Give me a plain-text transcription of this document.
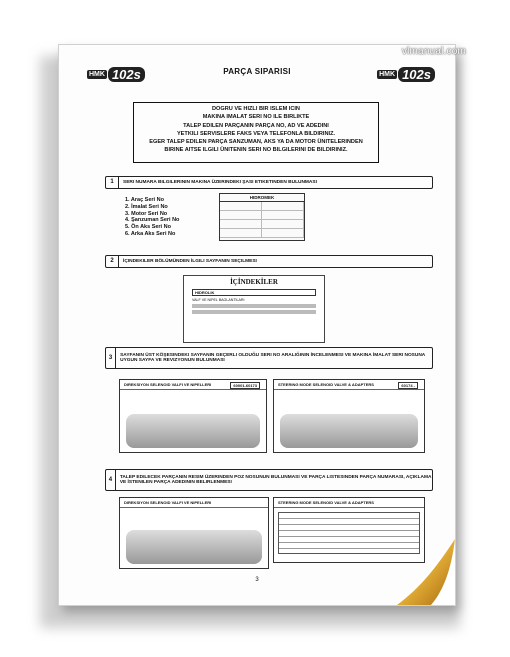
HMK 102s	PARÇA SIPARISI	HMK 102s
DOGRU VE HIZLI BIR ISLEM ICIN
MAKINA IMALAT SERI NO ILE BIRLIKTE
TALEP EDILEN PARÇANIN PARÇA NO, AD VE ADEDINI
YETKILI SERVISLERE FAKS VEYA TELEFONLA BILDIRINIZ.
EGER TALEP EDILEN PARÇA SANZUMAN, AKS YA DA MOTOR ÜNITELERINDEN
BIRINE AITSE ILGILI ÜNITENIN SERI NO BILGILERINI DE BILDIRINIZ.
1	SERI NUMARA BILGILERININ MAKINA ÜZERINDEKI ŞASI ETIKETINDEN BULUNMASI
1. Araç Seri No
2. İmalat Seri No
3. Motor Seri No
4. Şanzuman Seri No
5. Ön Aks Seri No
6. Arka Aks Seri No
HIDROMEK
2	İÇINDEKILER BÖLÜMÜNDEN İLGILI SAYFANIN SEÇILMESI
İÇİNDEKİLER
HIDROLIK
VALF VE NIPEL BAGLANTILARI
3	SAYFANIN ÜST KÖŞESINDEKI SAYFANIN GEÇERLI OLDUĞU SERI NO ARALIĞININ İNCELENMESI VE MAKINA İMALAT SERI NOSUNA UYGUN SAYFA VE REVIZYONUN BULUNMASI
DIREKSIYON SELENOID VALFI VE NIPELLERI	60001-60173	STEERING MODE SELENOID VALVE & ADAPTERS	60174 -
4	TALEP EDILECEK PARÇANIN RESIM ÜZERINDEN POZ NOSUNUN BULUNMASI VE PARÇA LISTESINDEN PARÇA NUMARASI, AÇIKLAMA VE İSTENILEN PARÇA ADEDININ BELIRLENMESI
DIREKSIYON SELENOID VALFI VE NIPELLERI	STEERING MODE SELENOID VALVE & ADAPTERS
3
vlmanual.com
